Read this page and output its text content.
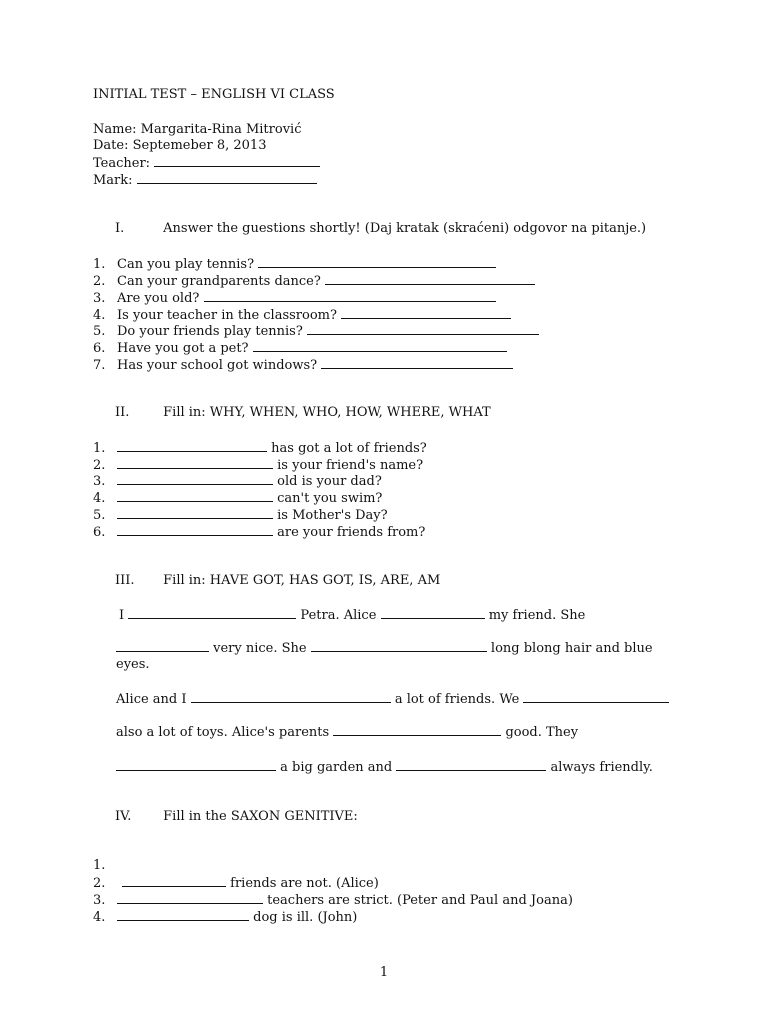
INITIAL TEST – ENGLISH VI CLASS
Name: Margarita-Rina Mitrović
Date: Septemeber 8, 2013
Teacher:
Mark:
I.	Answer the guestions shortly! (Daj kratak (skraćeni) odgovor na pitanje.)
1. Can you play tennis?
2. Can your grandparents dance?
3. Are you old?
4. Is your teacher in the classroom?
5. Do your friends play tennis?
6. Have you got a pet?
7. Has your school got windows?
II.	Fill in: WHY, WHEN, WHO, HOW, WHERE, WHAT
1.	has got a lot of friends?
2.	is your friend's name?
3.	old is your dad?
4.	can't you swim?
5.	is Mother's Day?
6.	are your friends from?
III. Fill in: HAVE GOT, HAS GOT, IS, ARE, AM
I	Petra. Alice	my friend. She
very nice. She	long blong hair and blue
eyes.
Alice and I	a lot of friends. We
also a lot of toys. Alice's parents	good. They
a big garden and	always friendly.
IV. Fill in the SAXON GENITIVE:
1.
2.	friends are not. (Alice)
3.	teachers are strict. (Peter and Paul and Joana)
4.	dog is ill. (John)
1
